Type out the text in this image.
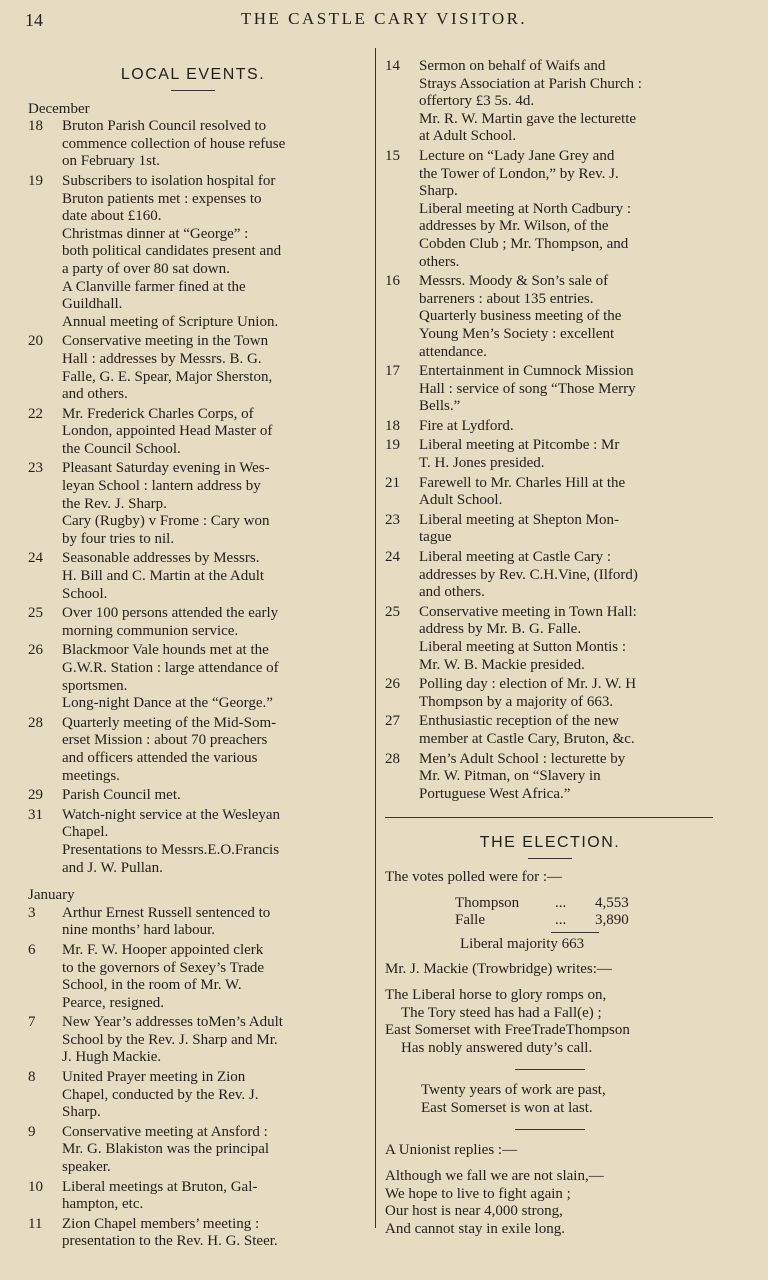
14	THE CASTLE CARY VISITOR.
LOCAL EVENTS.
December
18	Bruton Parish Council resolved to
commence collection of house refuse
on February 1st.
19	Subscribers to isolation hospital for
Bruton patients met : expenses to
date about £160.
Christmas dinner at “George” :
both political candidates present and
a party of over 80 sat down.
A Clanville farmer fined at the
Guildhall.
Annual meeting of Scripture Union.
20	Conservative meeting in the Town
Hall : addresses by Messrs. B. G.
Falle, G. E. Spear, Major Sherston,
and others.
22	Mr. Frederick Charles Corps, of
London, appointed Head Master of
the Council School.
23	Pleasant Saturday evening in Wes-
leyan School : lantern address by
the Rev. J. Sharp.
Cary (Rugby) v Frome : Cary won
by four tries to nil.
24	Seasonable addresses by Messrs.
H. Bill and C. Martin at the Adult
School.
25	Over 100 persons attended the early
morning communion service.
26	Blackmoor Vale hounds met at the
G.W.R. Station : large attendance of
sportsmen.
Long-night Dance at the “George.”
28	Quarterly meeting of the Mid-Som-
erset Mission : about 70 preachers
and officers attended the various
meetings.
29	Parish Council met.
31	Watch-night service at the Wesleyan
Chapel.
Presentations to Messrs.E.O.Francis
and J. W. Pullan.
January
3	Arthur Ernest Russell sentenced to
nine months’ hard labour.
6	Mr. F. W. Hooper appointed clerk
to the governors of Sexey’s Trade
School, in the room of Mr. W.
Pearce, resigned.
7	New Year’s addresses toMen’s Adult
School by the Rev. J. Sharp and Mr.
J. Hugh Mackie.
8	United Prayer meeting in Zion
Chapel, conducted by the Rev. J.
Sharp.
9	Conservative meeting at Ansford :
Mr. G. Blakiston was the principal
speaker.
10	Liberal meetings at Bruton, Gal-
hampton, etc.
11	Zion Chapel members’ meeting :
presentation to the Rev. H. G. Steer.
14	Sermon on behalf of Waifs and
Strays Association at Parish Church :
offertory £3 5s. 4d.
Mr. R. W. Martin gave the lecturette
at Adult School.
15	Lecture on “Lady Jane Grey and
the Tower of London,” by Rev. J.
Sharp.
Liberal meeting at North Cadbury :
addresses by Mr. Wilson, of the
Cobden Club ; Mr. Thompson, and
others.
16	Messrs. Moody & Son’s sale of
barreners : about 135 entries.
Quarterly business meeting of the
Young Men’s Society : excellent
attendance.
17	Entertainment in Cumnock Mission
Hall : service of song “Those Merry
Bells.”
18	Fire at Lydford.
19	Liberal meeting at Pitcombe : Mr
T. H. Jones presided.
21	Farewell to Mr. Charles Hill at the
Adult School.
23	Liberal meeting at Shepton Mon-
tague
24	Liberal meeting at Castle Cary :
addresses by Rev. C.H.Vine, (Ilford)
and others.
25	Conservative meeting in Town Hall:
address by Mr. B. G. Falle.
Liberal meeting at Sutton Montis :
Mr. W. B. Mackie presided.
26	Polling day : election of Mr. J. W. H
Thompson by a majority of 663.
27	Enthusiastic reception of the new
member at Castle Cary, Bruton, &c.
28	Men’s Adult School : lecturette by
Mr. W. Pitman, on “Slavery in
Portuguese West Africa.”
THE ELECTION.
The votes polled were for :—
Thompson	...	4,553
Falle	...	3,890
Liberal majority 663
Mr. J. Mackie (Trowbridge) writes:—
The Liberal horse to glory romps on,
The Tory steed has had a Fall(e) ;
East Somerset with FreeTradeThompson
Has nobly answered duty’s call.
Twenty years of work are past,
East Somerset is won at last.
A Unionist replies :—
Although we fall we are not slain,—
We hope to live to fight again ;
Our host is near 4,000 strong,
And cannot stay in exile long.
